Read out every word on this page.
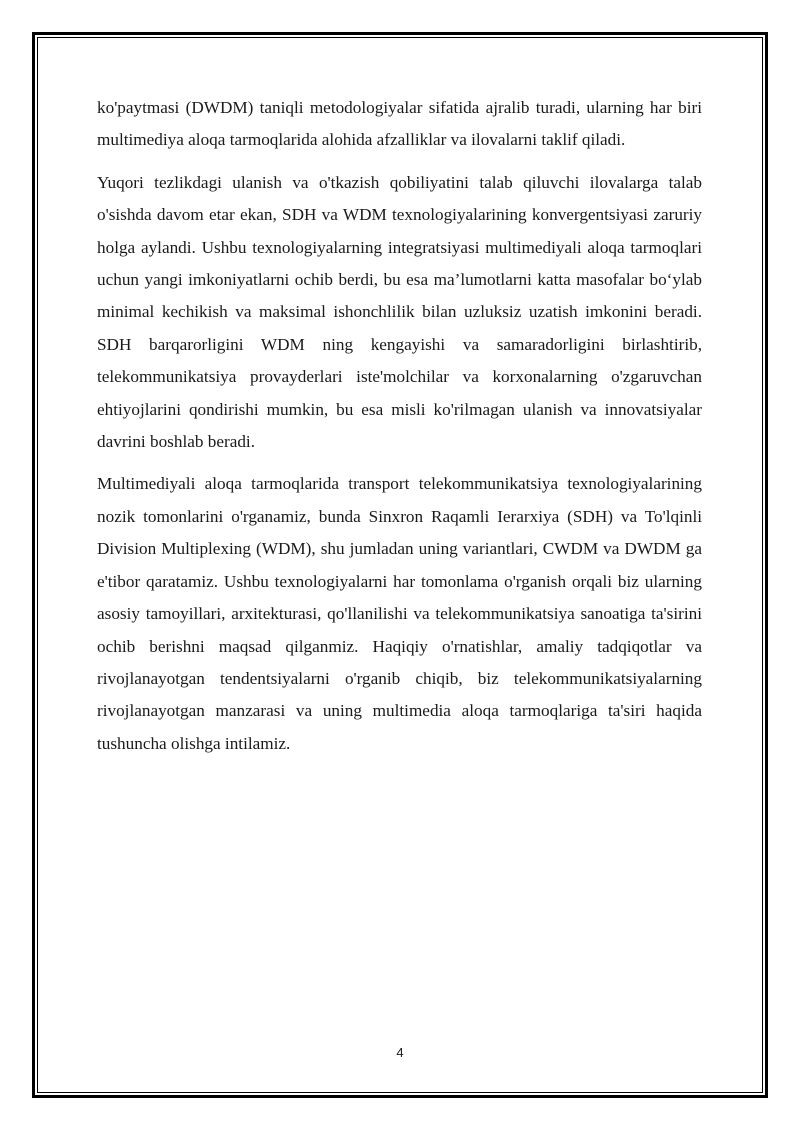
ko'paytmasi (DWDM) taniqli metodologiyalar sifatida ajralib turadi, ularning har biri multimediya aloqa tarmoqlarida alohida afzalliklar va ilovalarni taklif qiladi.

Yuqori tezlikdagi ulanish va o'tkazish qobiliyatini talab qiluvchi ilovalarga talab o'sishda davom etar ekan, SDH va WDM texnologiyalarining konvergentsiyasi zaruriy holga aylandi. Ushbu texnologiyalarning integratsiyasi multimediyali aloqa tarmoqlari uchun yangi imkoniyatlarni ochib berdi, bu esa ma’lumotlarni katta masofalar bo‘ylab minimal kechikish va maksimal ishonchlilik bilan uzluksiz uzatish imkonini beradi. SDH barqarorligini WDM ning kengayishi va samaradorligini birlashtirib, telekommunikatsiya provayderlari iste'molchilar va korxonalarning o'zgaruvchan ehtiyojlarini qondirishi mumkin, bu esa misli ko'rilmagan ulanish va innovatsiyalar davrini boshlab beradi.

Multimediyali aloqa tarmoqlarida transport telekommunikatsiya texnologiyalarining nozik tomonlarini o'rganamiz, bunda Sinxron Raqamli Ierarxiya (SDH) va To'lqinli Division Multiplexing (WDM), shu jumladan uning variantlari, CWDM va DWDM ga e'tibor qaratamiz. Ushbu texnologiyalarni har tomonlama o'rganish orqali biz ularning asosiy tamoyillari, arxitekturasi, qo'llanilishi va telekommunikatsiya sanoatiga ta'sirini ochib berishni maqsad qilganmiz. Haqiqiy o'rnatishlar, amaliy tadqiqotlar va rivojlanayotgan tendentsiyalarni o'rganib chiqib, biz telekommunikatsiyalarning rivojlanayotgan manzarasi va uning multimedia aloqa tarmoqlariga ta'siri haqida tushuncha olishga intilamiz.

4
